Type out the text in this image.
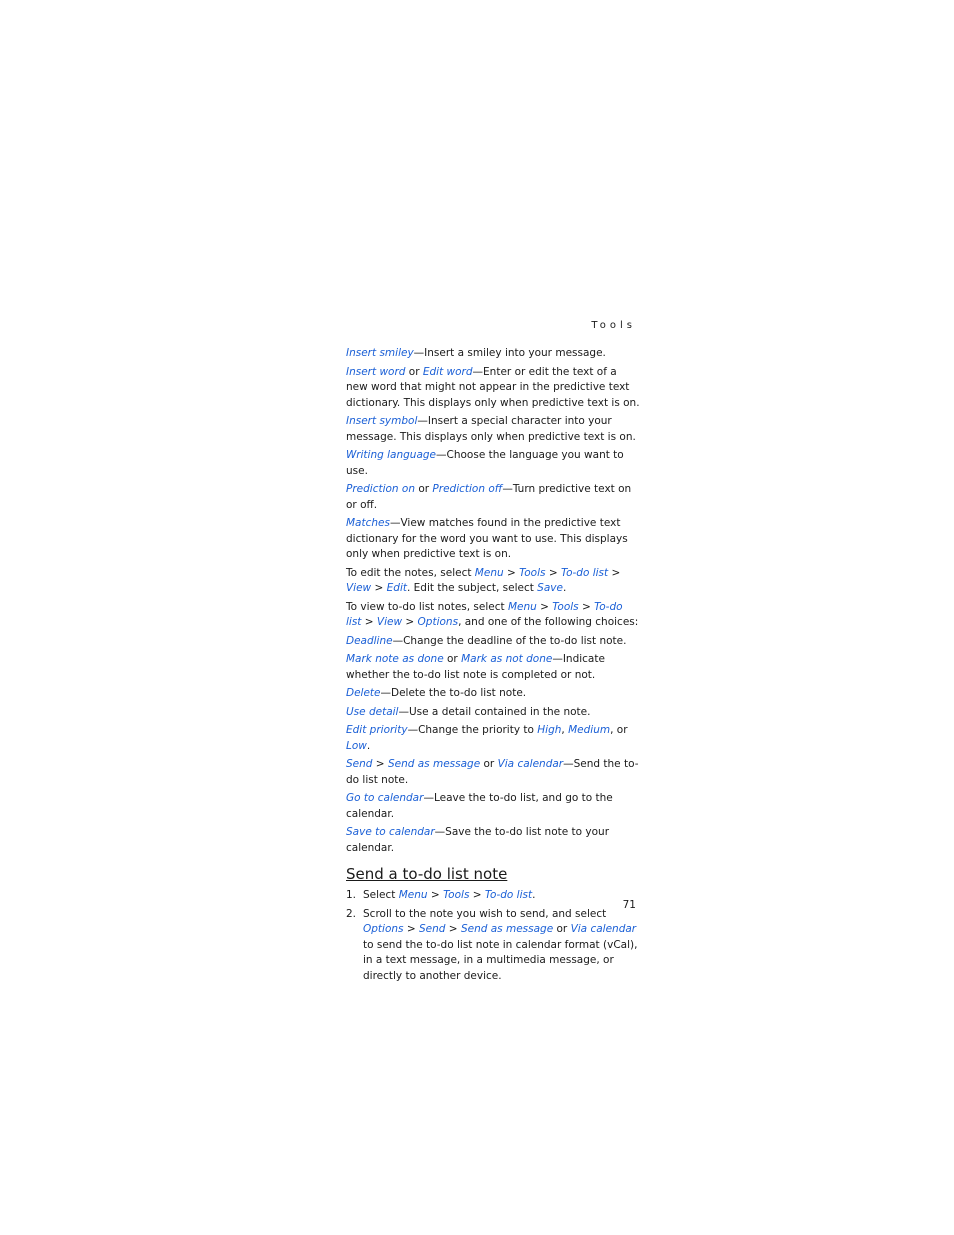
Tools

Insert smiley—Insert a smiley into your message.

Insert word or Edit word—Enter or edit the text of a new word that might not appear in the predictive text dictionary. This displays only when predictive text is on.

Insert symbol—Insert a special character into your message. This displays only when predictive text is on.

Writing language—Choose the language you want to use.

Prediction on or Prediction off—Turn predictive text on or off.

Matches—View matches found in the predictive text dictionary for the word you want to use. This displays only when predictive text is on.

To edit the notes, select Menu > Tools > To-do list > View > Edit. Edit the subject, select Save.

To view to-do list notes, select Menu > Tools > To-do list > View > Options, and one of the following choices:

Deadline—Change the deadline of the to-do list note.

Mark note as done or Mark as not done—Indicate whether the to-do list note is completed or not.

Delete—Delete the to-do list note.

Use detail—Use a detail contained in the note.

Edit priority—Change the priority to High, Medium, or Low.

Send > Send as message or Via calendar—Send the to-do list note.

Go to calendar—Leave the to-do list, and go to the calendar.

Save to calendar—Save the to-do list note to your calendar.

Send a to-do list note
1. Select Menu > Tools > To-do list.
2. Scroll to the note you wish to send, and select Options > Send > Send as message or Via calendar to send the to-do list note in calendar format (vCal), in a text message, in a multimedia message, or directly to another device.
71
